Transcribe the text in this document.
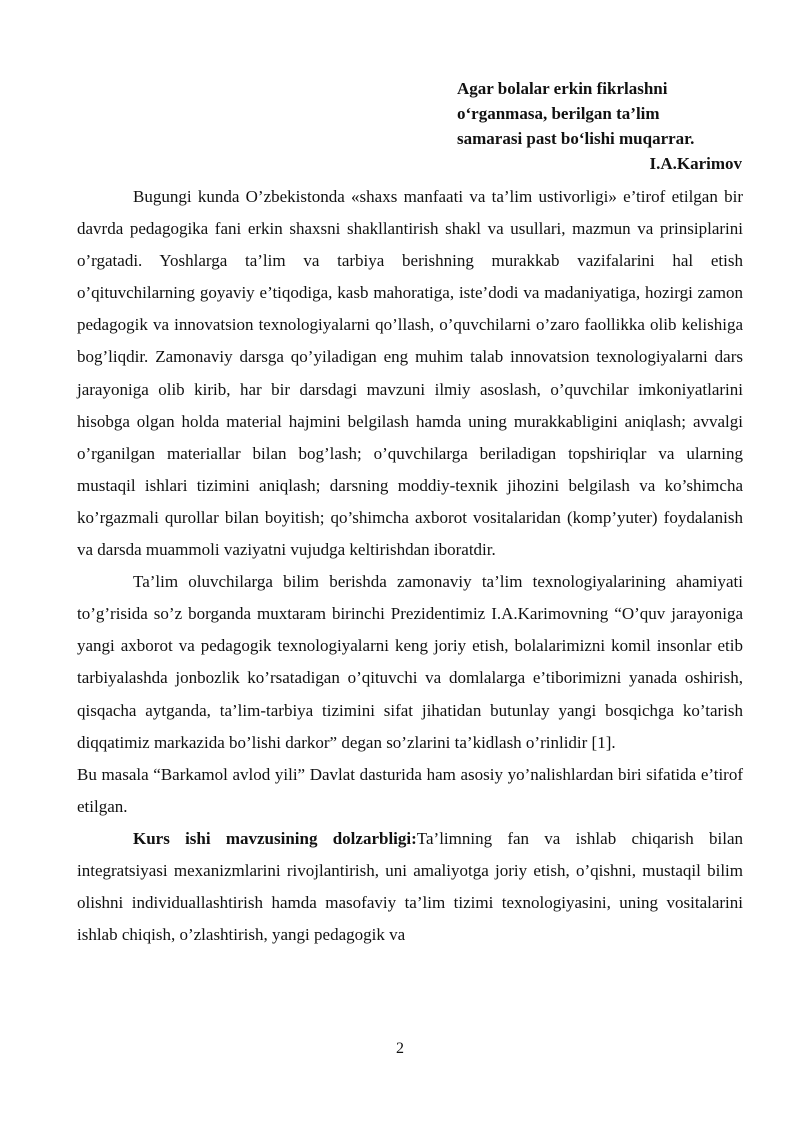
Agar bolalar erkin fikrlashni
o‘rganmasa, berilgan ta’lim
samarasi past bo‘lishi muqarrar.
I.A.Karimov

Bugungi kunda O’zbekistonda «shaxs manfaati va ta’lim ustivorligi» e’tirof etilgan bir davrda pedagogika fani erkin shaxsni shakllantirish shakl va usullari, mazmun va prinsiplarini o’rgatadi. Yoshlarga ta’lim va tarbiya berishning murakkab vazifalarini hal etish o’qituvchilarning goyaviy e’tiqodiga, kasb mahoratiga, iste’dodi va madaniyatiga, hozirgi zamon pedagogik va innovatsion texnologiyalarni qo’llash, o’quvchilarni o’zaro faollikka olib kelishiga bog’liqdir. Zamonaviy darsga qo’yiladigan eng muhim talab innovatsion texnologiyalarni dars jarayoniga olib kirib, har bir darsdagi mavzuni ilmiy asoslash, o’quvchilar imkoniyatlarini hisobga olgan holda material hajmini belgilash hamda uning murakkabligini aniqlash; avvalgi o’rganilgan materiallar bilan bog’lash; o’quvchilarga beriladigan topshiriqlar va ularning mustaqil ishlari tizimini aniqlash; darsning moddiy-texnik jihozini belgilash va ko’shimcha ko’rgazmali qurollar bilan boyitish; qo’shimcha axborot vositalaridan (komp’yuter) foydalanish va darsda muammoli vaziyatni vujudga keltirishdan iboratdir.

Ta’lim oluvchilarga bilim berishda zamonaviy ta’lim texnologiyalarining ahamiyati to’g’risida so’z borganda muxtaram birinchi Prezidentimiz I.A.Karimovning “O’quv jarayoniga yangi axborot va pedagogik texnologiyalarni keng joriy etish, bolalarimizni komil insonlar etib tarbiyalashda jonbozlik ko’rsatadigan o’qituvchi va domlalarga e’tiborimizni yanada oshirish, qisqacha aytganda, ta’lim-tarbiya tizimini sifat jihatidan butunlay yangi bosqichga ko’tarish diqqatimiz markazida bo’lishi darkor” degan so’zlarini ta’kidlash o’rinlidir [1].

Bu masala “Barkamol avlod yili” Davlat dasturida ham asosiy yo’nalishlardan biri sifatida e’tirof etilgan.

Kurs ishi mavzusining dolzarbligi:Ta’limning fan va ishlab chiqarish bilan integratsiyasi mexanizmlarini rivojlantirish, uni amaliyotga joriy etish, o’qishni, mustaqil bilim olishni individuallashtirish hamda masofaviy ta’lim tizimi texnologiyasini, uning vositalarini ishlab chiqish, o’zlashtirish, yangi pedagogik va

2
